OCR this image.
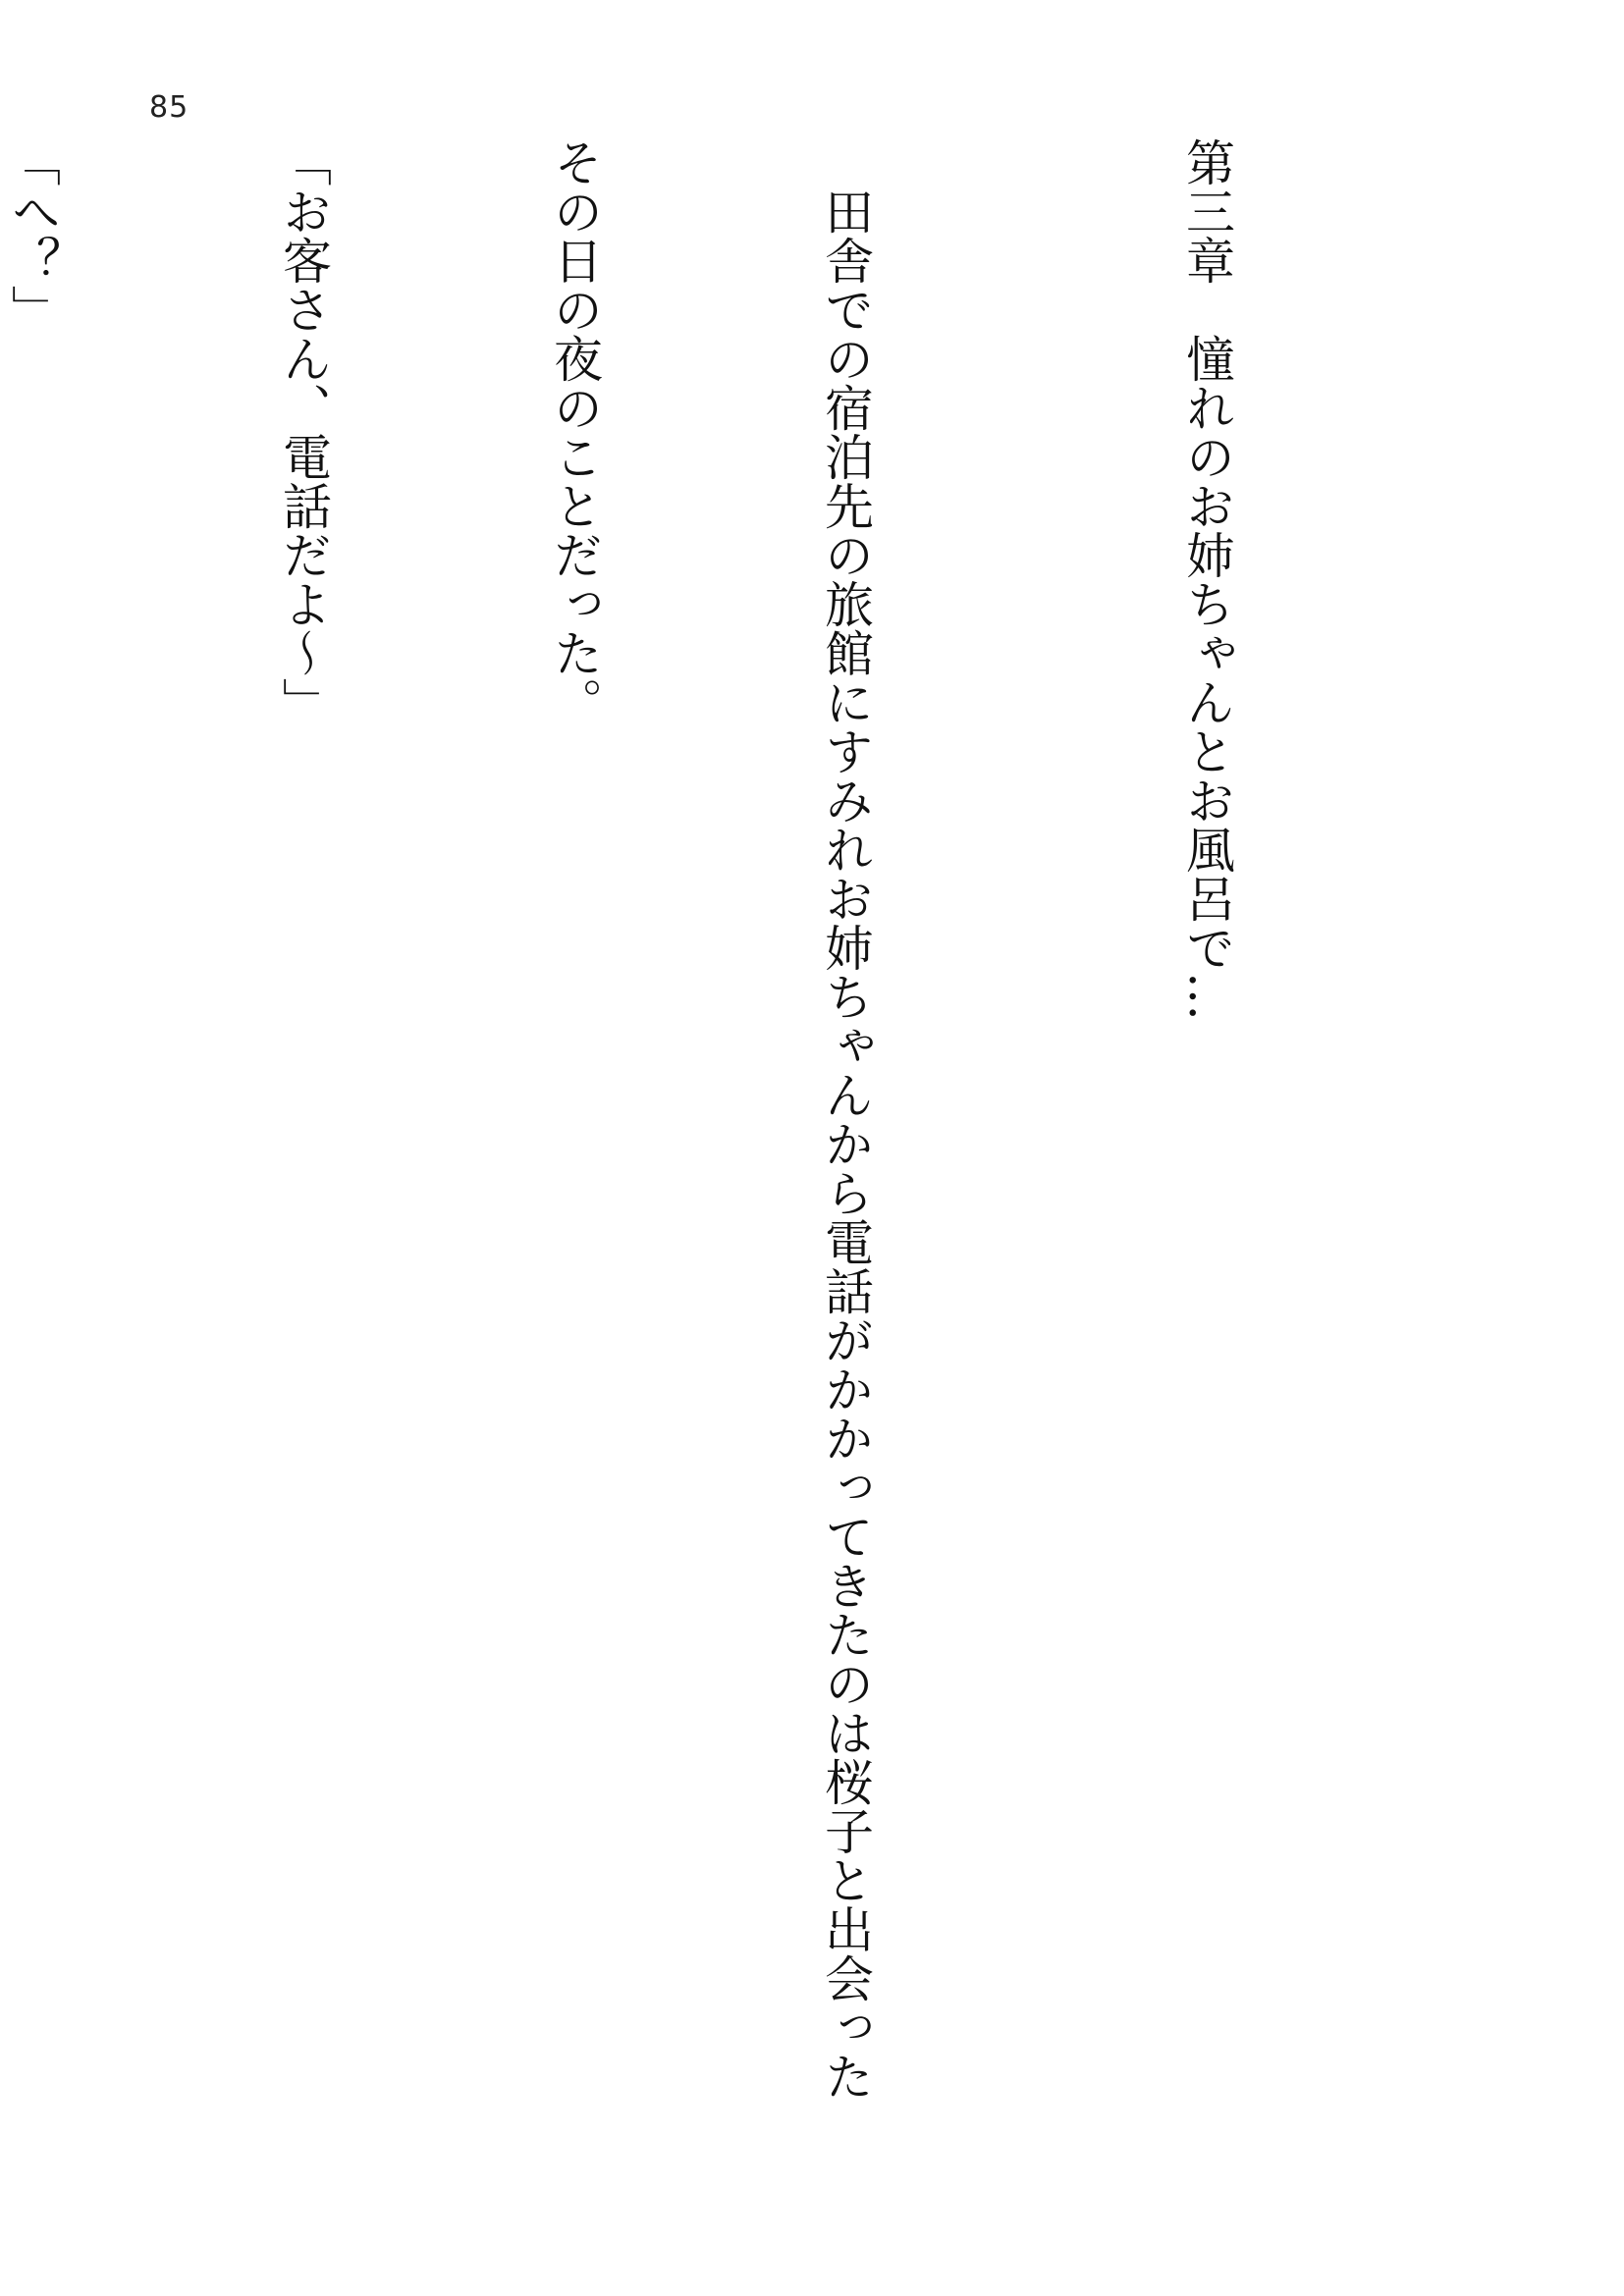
85

第三章　憧れのお姉ちゃんとお風呂で…

　田舎での宿泊先の旅館にすみれお姉ちゃんから電話がかかってきたのは桜子と出会った

その日の夜のことだった。

「お客さん、電話だよ〜」

「へ？」
